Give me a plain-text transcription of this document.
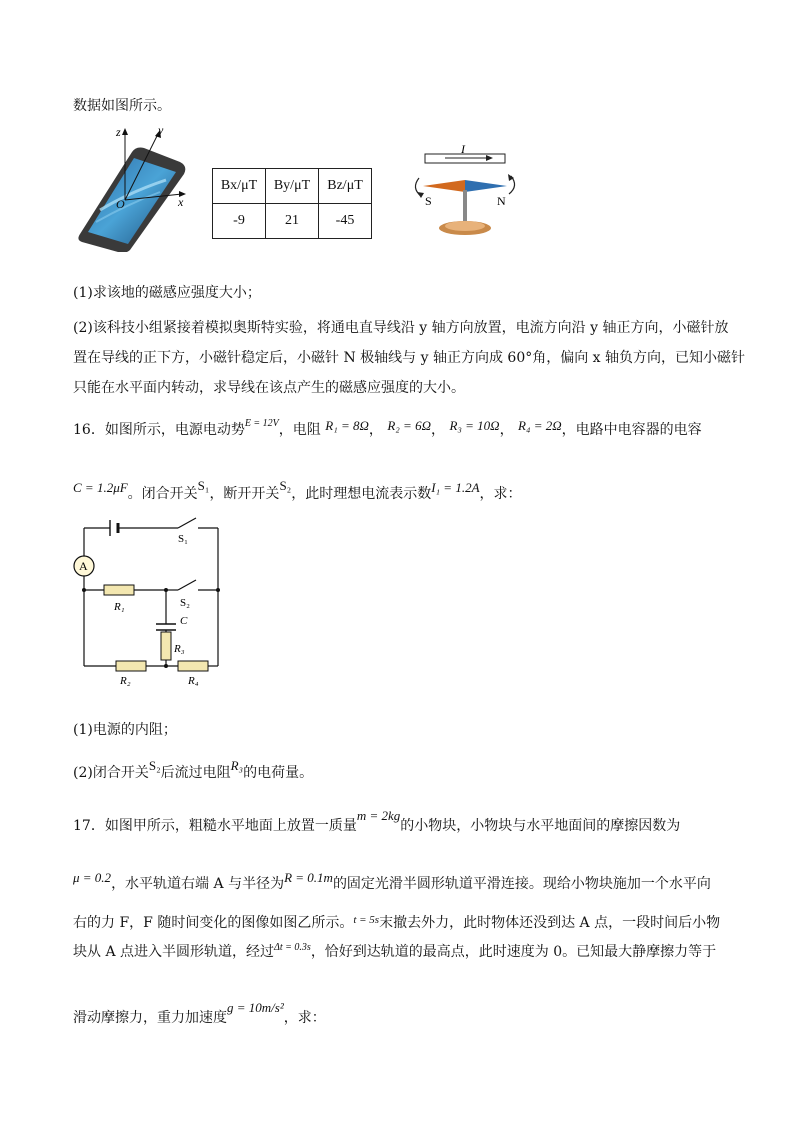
数据如图所示。
z	y
x
O
Bx/μT	By/μT	Bz/μT
-9	21	-45
I
S	N
(1)求该地的磁感应强度大小；
(2)该科技小组紧接着模拟奥斯特实验，将通电直导线沿 y 轴方向放置，电流方向沿 y 轴正方向，小磁针放
置在导线的正下方，小磁针稳定后，小磁针 N 极轴线与 y 轴正方向成 60°角，偏向 x 轴负方向，已知小磁针
只能在水平面内转动，求导线在该点产生的磁感应强度的大小。
16．如图所示，电源电动势$^{E = 12V}$，电阻 R₁ = 8Ω， R₂ = 6Ω， R₃ = 10Ω， R₄ = 2Ω，电路中电容器的电容
C = 1.2μF。闭合开关S₁，断开开关S₂，此时理想电流表示数I₁ = 1.2A，求：
A
S₁
S₂
C
R₁
R₃
R₂	R₄
(1)电源的内阻；
(2)闭合开关S₂后流过电阻R₃的电荷量。
17．如图甲所示，粗糙水平地面上放置一质量m = 2kg的小物块，小物块与水平地面间的摩擦因数为
μ = 0.2，水平轨道右端 A 与半径为R = 0.1m的固定光滑半圆形轨道平滑连接。现给小物块施加一个水平向
右的力 F，F 随时间变化的图像如图乙所示。$^{t = 5s}$末撤去外力，此时物体还没到达 A 点，一段时间后小物
块从 A 点进入半圆形轨道，经过$^{\Delta t = 0.3s}$，恰好到达轨道的最高点，此时速度为 0。已知最大静摩擦力等于
滑动摩擦力，重力加速度g = 10m/s²，求：
